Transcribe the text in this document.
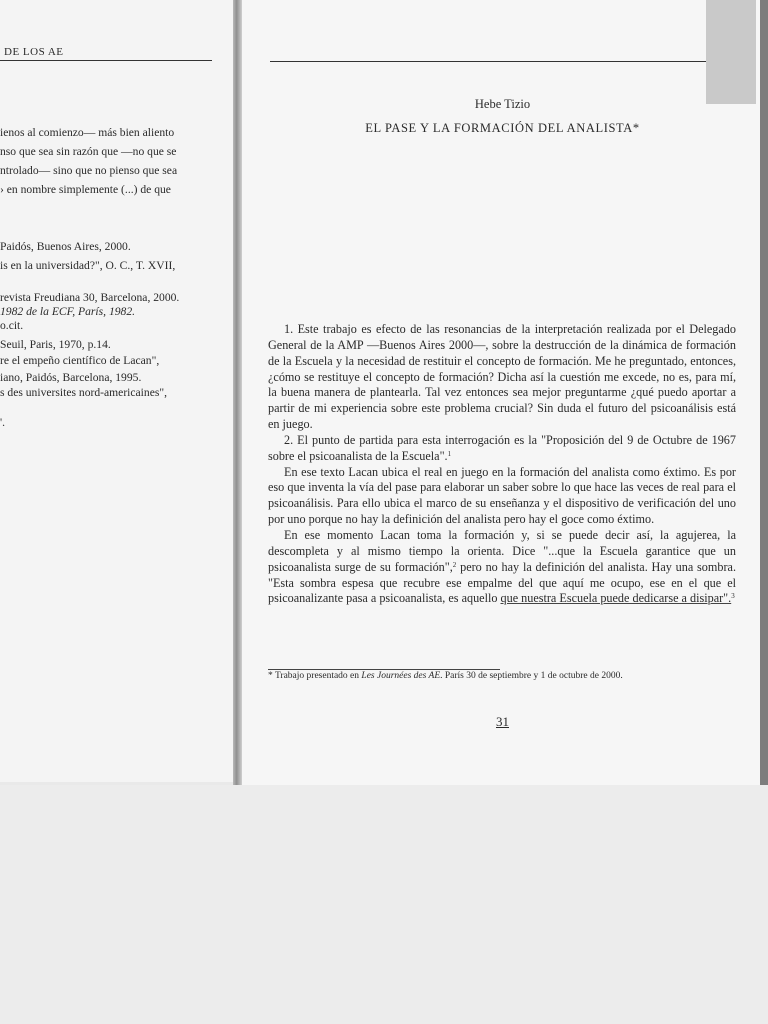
DE LOS AE
ienos al comienzo— más bien aliento
nso que sea sin razón que —no que se
ntrolado— sino que no pienso que sea
› en nombre simplemente (...) de que
Paidós, Buenos Aires, 2000.
is en la universidad?", O. C., T. XVII,
revista Freudiana 30, Barcelona, 2000.
1982 de la ECF, París, 1982.
o.cit.
Seuil, Paris, 1970, p.14.
re el empeño científico de Lacan",
iano, Paidós, Barcelona, 1995.
s des universites nord-americaines",
'.
Hebe Tizio
EL PASE Y LA FORMACIÓN DEL ANALISTA*

1. Este trabajo es efecto de las resonancias de la interpretación realizada por el Delegado General de la AMP —Buenos Aires 2000—, sobre la destrucción de la dinámica de formación de la Escuela y la necesidad de restituir el concepto de formación. Me he preguntado, entonces, ¿cómo se restituye el concepto de formación? Dicha así la cuestión me excede, no es, para mí, la buena manera de plantearla. Tal vez entonces sea mejor preguntarme ¿qué puedo aportar a partir de mi experiencia sobre este problema crucial? Sin duda el futuro del psicoanálisis está en juego.

2. El punto de partida para esta interrogación es la "Proposición del 9 de Octubre de 1967 sobre el psicoanalista de la Escuela".$^1$

En ese texto Lacan ubica el real en juego en la formación del analista como éxtimo. Es por eso que inventa la vía del pase para elaborar un saber sobre lo que hace las veces de real para el psicoanálisis. Para ello ubica el marco de su enseñanza y el dispositivo de verificación del uno por uno porque no hay la definición del analista pero hay el goce como éxtimo.

En ese momento Lacan toma la formación y, si se puede decir así, la agujerea, la descompleta y al mismo tiempo la orienta. Dice "...que la Escuela garantice que un psicoanalista surge de su formación",$^2$ pero no hay la definición del analista. Hay una sombra. "Esta sombra espesa que recubre ese empalme del que aquí me ocupo, ese en el que el psicoanalizante pasa a psicoanalista, es aquello que nuestra Escuela puede dedicarse a disipar".$^3$

* Trabajo presentado en Les Journées des AE. París 30 de septiembre y 1 de octubre de 2000.
31
